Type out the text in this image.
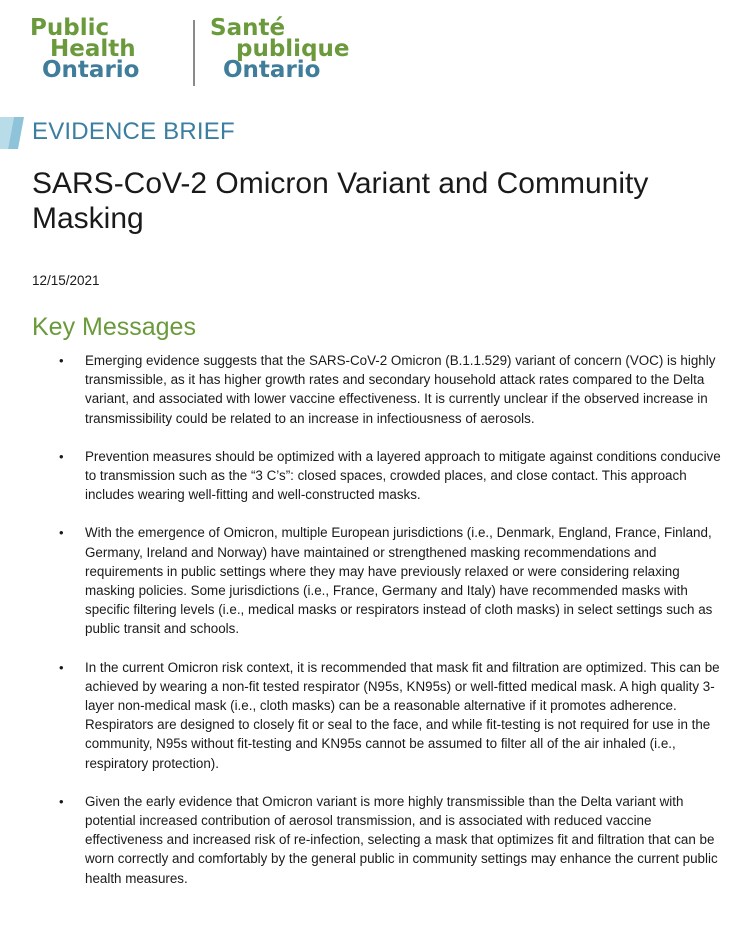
Public
Health
Ontario
Santé
publique
Ontario
EVIDENCE BRIEF
SARS-CoV-2 Omicron Variant and Community Masking
12/15/2021
Key Messages
• Emerging evidence suggests that the SARS-CoV-2 Omicron (B.1.1.529) variant of concern (VOC) is highly transmissible, as it has higher growth rates and secondary household attack rates compared to the Delta variant, and associated with lower vaccine effectiveness. It is currently unclear if the observed increase in transmissibility could be related to an increase in infectiousness of aerosols.
• Prevention measures should be optimized with a layered approach to mitigate against conditions conducive to transmission such as the “3 C’s”: closed spaces, crowded places, and close contact. This approach includes wearing well-fitting and well-constructed masks.
• With the emergence of Omicron, multiple European jurisdictions (i.e., Denmark, England, France, Finland, Germany, Ireland and Norway) have maintained or strengthened masking recommendations and requirements in public settings where they may have previously relaxed or were considering relaxing masking policies. Some jurisdictions (i.e., France, Germany and Italy) have recommended masks with specific filtering levels (i.e., medical masks or respirators instead of cloth masks) in select settings such as public transit and schools.
• In the current Omicron risk context, it is recommended that mask fit and filtration are optimized. This can be achieved by wearing a non-fit tested respirator (N95s, KN95s) or well-fitted medical mask. A high quality 3-layer non-medical mask (i.e., cloth masks) can be a reasonable alternative if it promotes adherence. Respirators are designed to closely fit or seal to the face, and while fit-testing is not required for use in the community, N95s without fit-testing and KN95s cannot be assumed to filter all of the air inhaled (i.e., respiratory protection).
• Given the early evidence that Omicron variant is more highly transmissible than the Delta variant with potential increased contribution of aerosol transmission, and is associated with reduced vaccine effectiveness and increased risk of re-infection, selecting a mask that optimizes fit and filtration that can be worn correctly and comfortably by the general public in community settings may enhance the current public health measures.
